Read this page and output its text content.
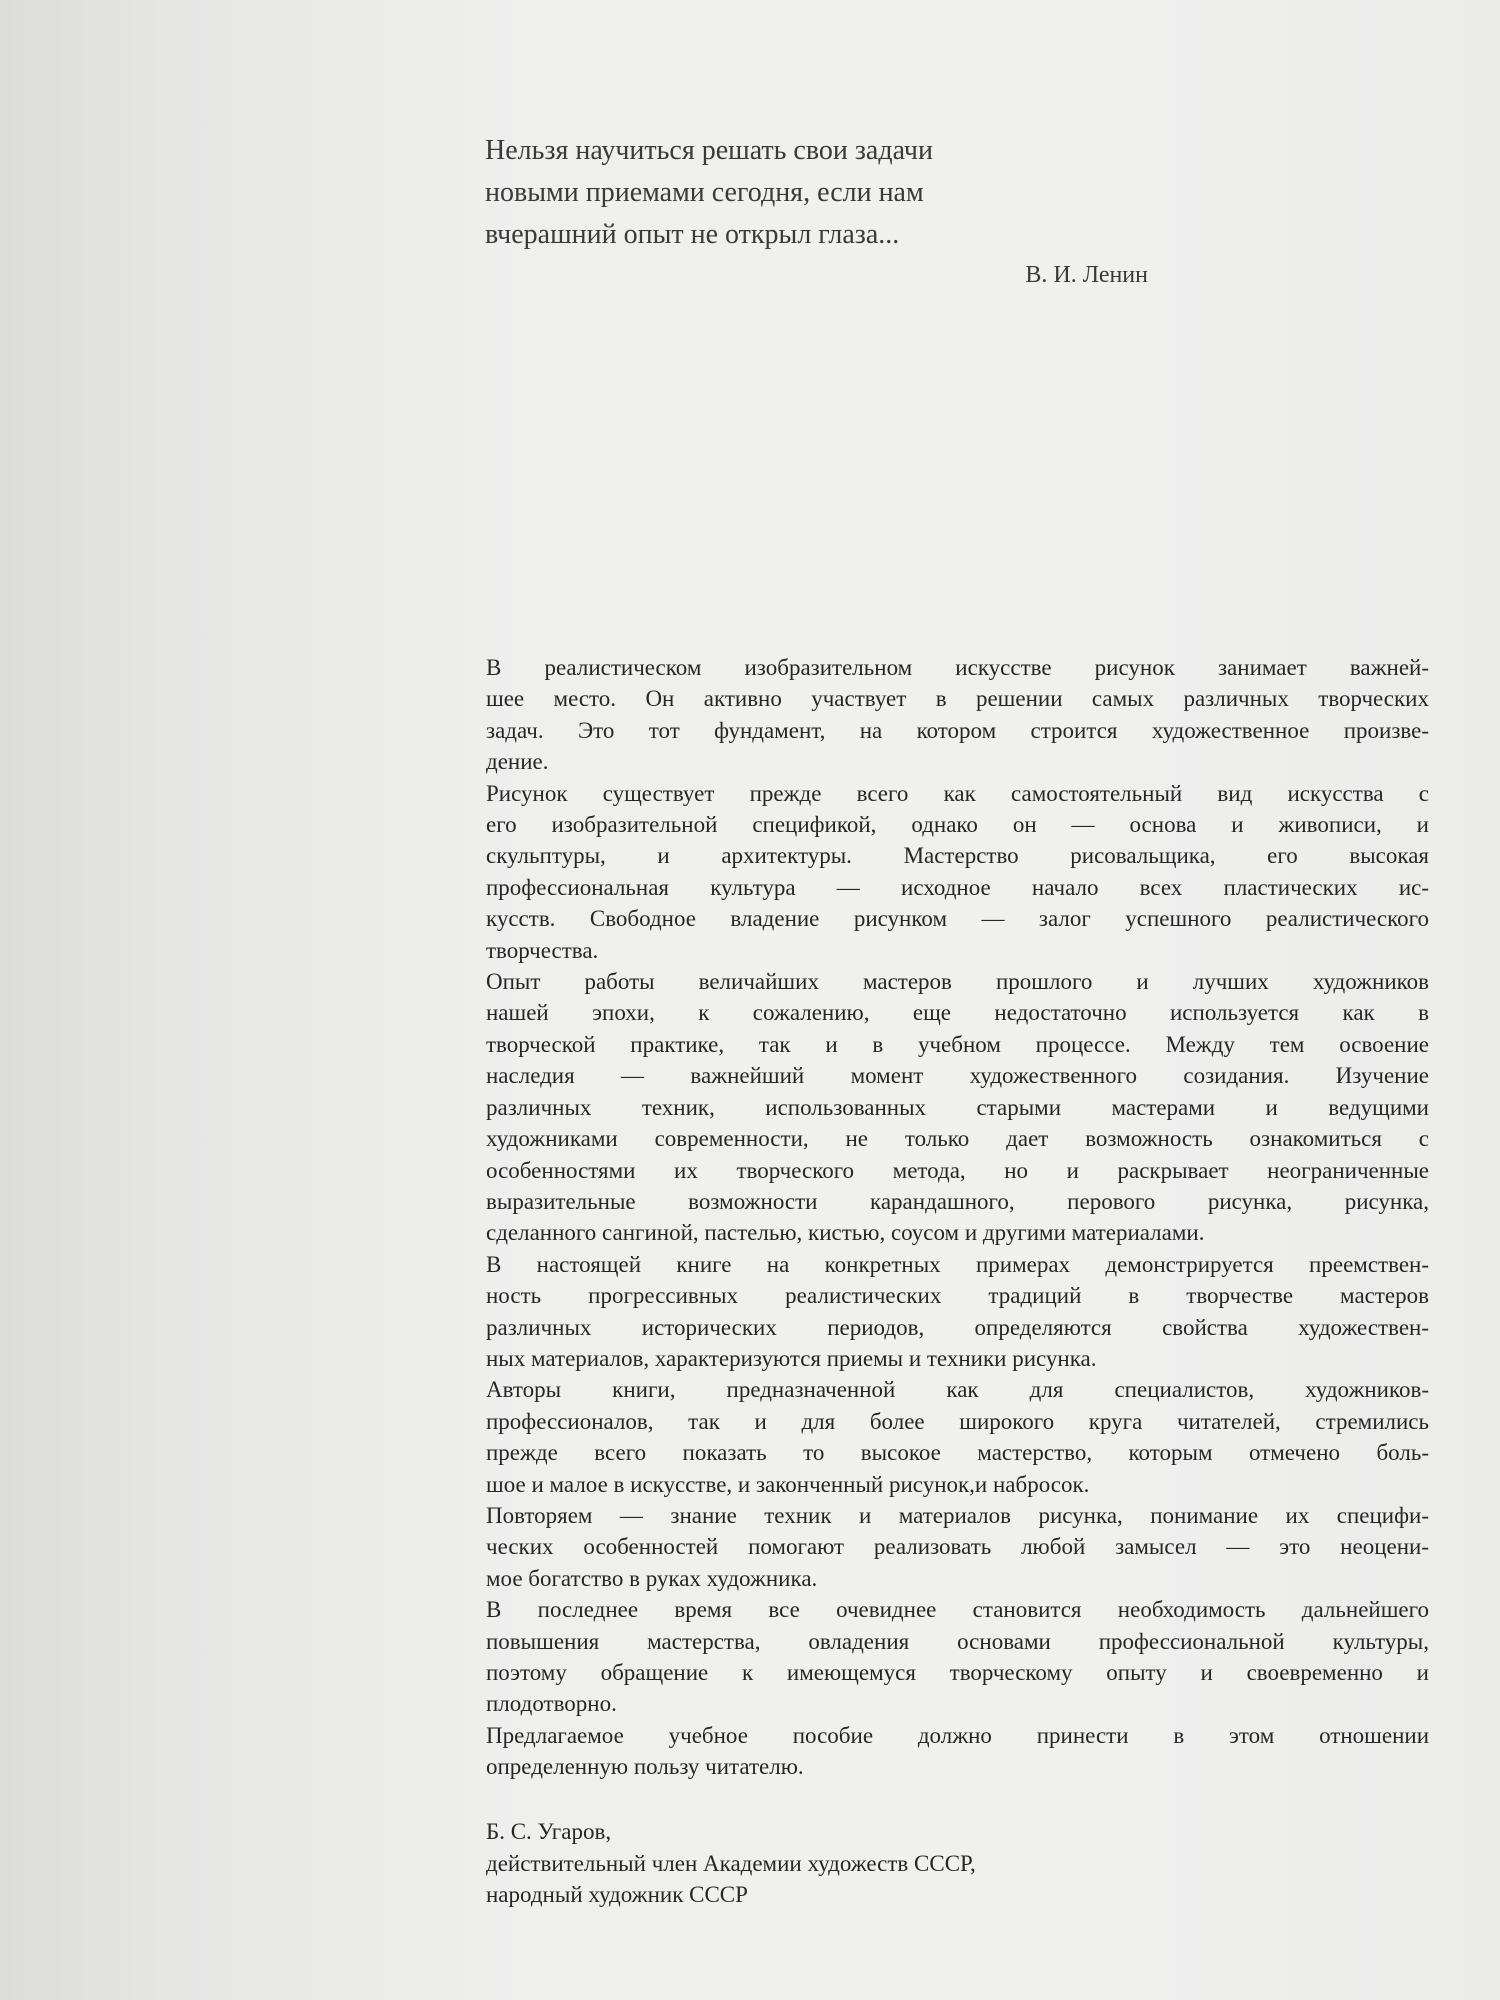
Нельзя научиться решать свои задачи
новыми приемами сегодня, если нам
вчерашний опыт не открыл глаза...
В. И. Ленин
В реалистическом изобразительном искусстве рисунок занимает важней-
шее место. Он активно участвует в решении самых различных творческих
задач. Это тот фундамент, на котором строится художественное произве-
дение.
Рисунок существует прежде всего как самостоятельный вид искусства с
его изобразительной спецификой, однако он — основа и живописи, и
скульптуры, и архитектуры. Мастерство рисовальщика, его высокая
профессиональная культура — исходное начало всех пластических ис-
кусств. Свободное владение рисунком — залог успешного реалистического
творчества.
Опыт работы величайших мастеров прошлого и лучших художников
нашей эпохи, к сожалению, еще недостаточно используется как в
творческой практике, так и в учебном процессе. Между тем освоение
наследия — важнейший момент художественного созидания. Изучение
различных техник, использованных старыми мастерами и ведущими
художниками современности, не только дает возможность ознакомиться с
особенностями их творческого метода, но и раскрывает неограниченные
выразительные возможности карандашного, перового рисунка, рисунка,
сделанного сангиной, пастелью, кистью, соусом и другими материалами.
В настоящей книге на конкретных примерах демонстрируется преемствен-
ность прогрессивных реалистических традиций в творчестве мастеров
различных исторических периодов, определяются свойства художествен-
ных материалов, характеризуются приемы и техники рисунка.
Авторы книги, предназначенной как для специалистов, художников-
профессионалов, так и для более широкого круга читателей, стремились
прежде всего показать то высокое мастерство, которым отмечено боль-
шое и малое в искусстве, и законченный рисунок,и набросок.
Повторяем — знание техник и материалов рисунка, понимание их специфи-
ческих особенностей помогают реализовать любой замысел — это неоцени-
мое богатство в руках художника.
В последнее время все очевиднее становится необходимость дальнейшего
повышения мастерства, овладения основами профессиональной культуры,
поэтому обращение к имеющемуся творческому опыту и своевременно и
плодотворно.
Предлагаемое учебное пособие должно принести в этом отношении
определенную пользу читателю.
Б. С. Угаров,
действительный член Академии художеств СССР,
народный художник СССР
